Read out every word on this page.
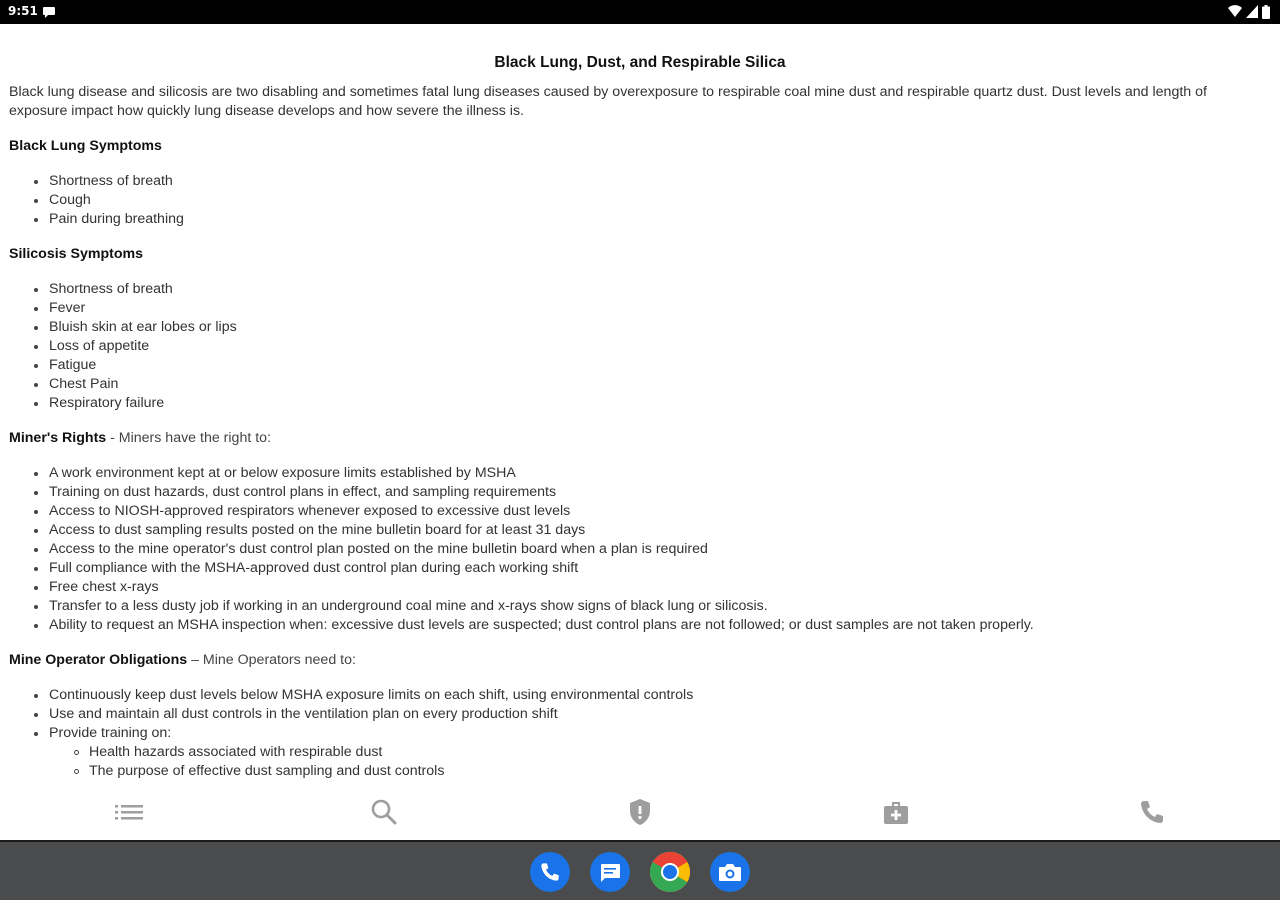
9:51
Black Lung, Dust, and Respirable Silica

Black lung disease and silicosis are two disabling and sometimes fatal lung diseases caused by overexposure to respirable coal mine dust and respirable quartz dust. Dust levels and length of exposure impact how quickly lung disease develops and how severe the illness is.

Black Lung Symptoms
Shortness of breath
Cough
Pain during breathing
Silicosis Symptoms
Shortness of breath
Fever
Bluish skin at ear lobes or lips
Loss of appetite
Fatigue
Chest Pain
Respiratory failure
Miner's Rights - Miners have the right to:
A work environment kept at or below exposure limits established by MSHA
Training on dust hazards, dust control plans in effect, and sampling requirements
Access to NIOSH-approved respirators whenever exposed to excessive dust levels
Access to dust sampling results posted on the mine bulletin board for at least 31 days
Access to the mine operator's dust control plan posted on the mine bulletin board when a plan is required
Full compliance with the MSHA-approved dust control plan during each working shift
Free chest x-rays
Transfer to a less dusty job if working in an underground coal mine and x-rays show signs of black lung or silicosis.
Ability to request an MSHA inspection when: excessive dust levels are suspected; dust control plans are not followed; or dust samples are not taken properly.
Mine Operator Obligations – Mine Operators need to:
Continuously keep dust levels below MSHA exposure limits on each shift, using environmental controls
Use and maintain all dust controls in the ventilation plan on every production shift
Provide training on:
Health hazards associated with respirable dust
The purpose of effective dust sampling and dust controls
